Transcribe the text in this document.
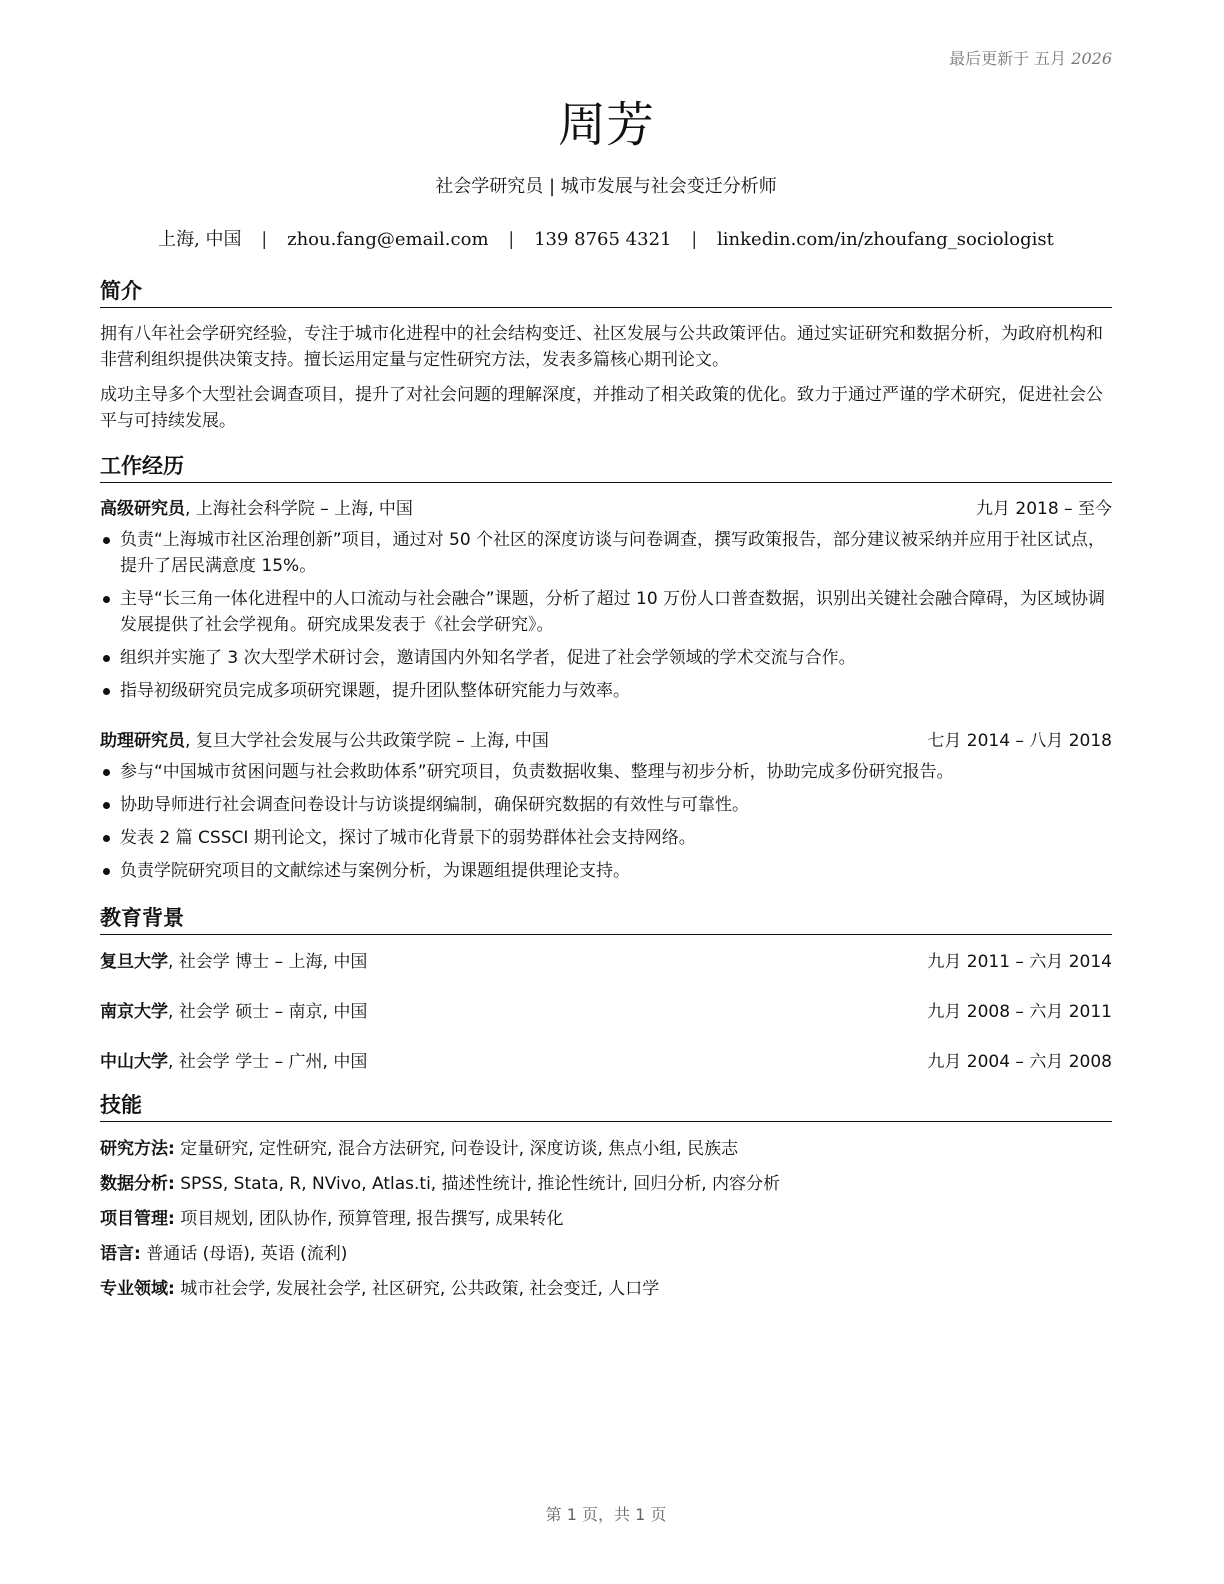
最后更新于 五月 2026
周芳
社会学研究员 | 城市发展与社会变迁分析师
上海, 中国 | zhou.fang@email.com | 139 8765 4321 | linkedin.com/in/zhoufang_sociologist
简介
拥有八年社会学研究经验，专注于城市化进程中的社会结构变迁、社区发展与公共政策评估。通过实证研究和数据分析，为政府机构和非营利组织提供决策支持。擅长运用定量与定性研究方法，发表多篇核心期刊论文。
成功主导多个大型社会调查项目，提升了对社会问题的理解深度，并推动了相关政策的优化。致力于通过严谨的学术研究，促进社会公平与可持续发展。
工作经历
高级研究员, 上海社会科学院 – 上海, 中国	九月 2018 – 至今
负责“上海城市社区治理创新”项目，通过对 50 个社区的深度访谈与问卷调查，撰写政策报告，部分建议被采纳并应用于社区试点，提升了居民满意度 15%。
主导“长三角一体化进程中的人口流动与社会融合”课题，分析了超过 10 万份人口普查数据，识别出关键社会融合障碍，为区域协调发展提供了社会学视角。研究成果发表于《社会学研究》。
组织并实施了 3 次大型学术研讨会，邀请国内外知名学者，促进了社会学领域的学术交流与合作。
指导初级研究员完成多项研究课题，提升团队整体研究能力与效率。
助理研究员, 复旦大学社会发展与公共政策学院 – 上海, 中国	七月 2014 – 八月 2018
参与“中国城市贫困问题与社会救助体系”研究项目，负责数据收集、整理与初步分析，协助完成多份研究报告。
协助导师进行社会调查问卷设计与访谈提纲编制，确保研究数据的有效性与可靠性。
发表 2 篇 CSSCI 期刊论文，探讨了城市化背景下的弱势群体社会支持网络。
负责学院研究项目的文献综述与案例分析，为课题组提供理论支持。
教育背景
复旦大学, 社会学 博士 – 上海, 中国	九月 2011 – 六月 2014
南京大学, 社会学 硕士 – 南京, 中国	九月 2008 – 六月 2011
中山大学, 社会学 学士 – 广州, 中国	九月 2004 – 六月 2008
技能
研究方法: 定量研究, 定性研究, 混合方法研究, 问卷设计, 深度访谈, 焦点小组, 民族志
数据分析: SPSS, Stata, R, NVivo, Atlas.ti, 描述性统计, 推论性统计, 回归分析, 内容分析
项目管理: 项目规划, 团队协作, 预算管理, 报告撰写, 成果转化
语言: 普通话 (母语), 英语 (流利)
专业领域: 城市社会学, 发展社会学, 社区研究, 公共政策, 社会变迁, 人口学
第 1 页，共 1 页
